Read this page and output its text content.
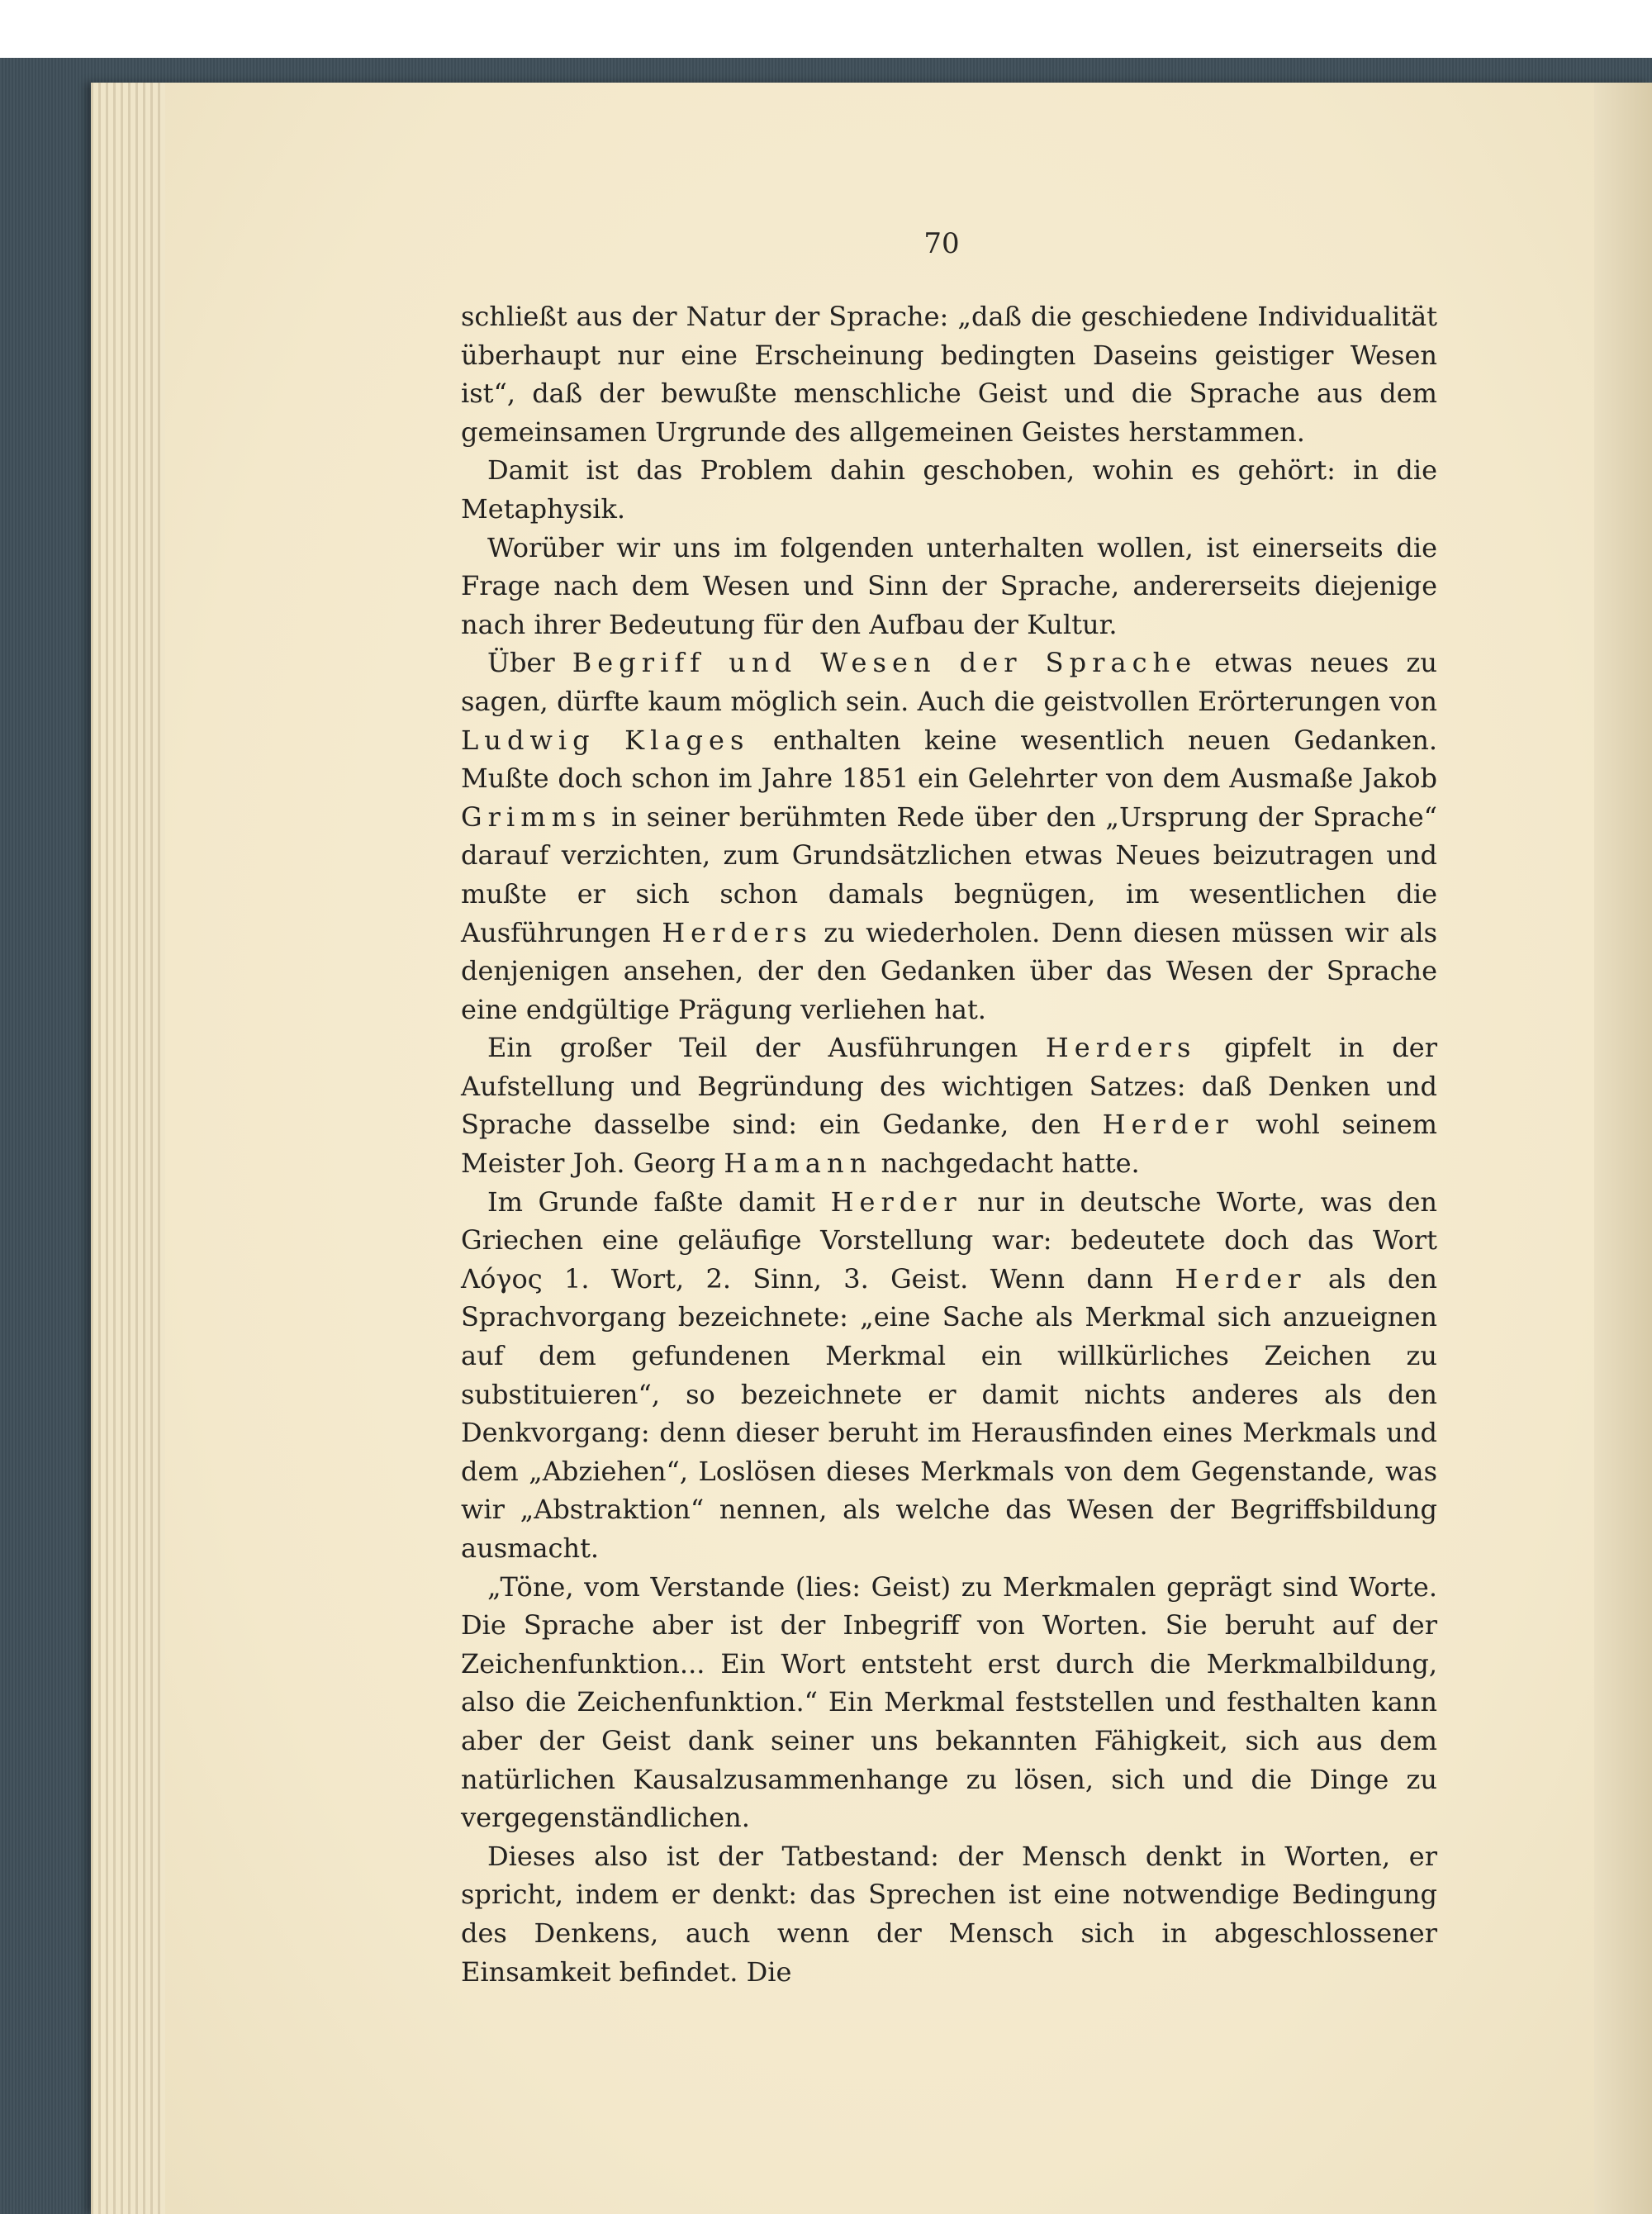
70

schließt aus der Natur der Sprache: „daß die geschiedene Individualität überhaupt nur eine Erscheinung bedingten Daseins geistiger Wesen ist“, daß der bewußte menschliche Geist und die Sprache aus dem gemeinsamen Urgrunde des allgemeinen Geistes herstammen.

Damit ist das Problem dahin geschoben, wohin es gehört: in die Metaphysik.

Worüber wir uns im folgenden unterhalten wollen, ist einerseits die Frage nach dem Wesen und Sinn der Sprache, andererseits diejenige nach ihrer Bedeutung für den Aufbau der Kultur.

Über Begriff und Wesen der Sprache etwas neues zu sagen, dürfte kaum möglich sein. Auch die geistvollen Erörterungen von Ludwig Klages enthalten keine wesentlich neuen Gedanken. Mußte doch schon im Jahre 1851 ein Gelehrter von dem Ausmaße Jakob Grimms in seiner berühmten Rede über den „Ursprung der Sprache“ darauf verzichten, zum Grundsätzlichen etwas Neues beizutragen und mußte er sich schon damals begnügen, im wesentlichen die Ausführungen Herders zu wiederholen. Denn diesen müssen wir als denjenigen ansehen, der den Gedanken über das Wesen der Sprache eine endgültige Prägung verliehen hat.

Ein großer Teil der Ausführungen Herders gipfelt in der Aufstellung und Begründung des wichtigen Satzes: daß Denken und Sprache dasselbe sind: ein Gedanke, den Herder wohl seinem Meister Joh. Georg Hamann nachgedacht hatte.

Im Grunde faßte damit Herder nur in deutsche Worte, was den Griechen eine geläufige Vorstellung war: bedeutete doch das Wort Λόγος 1. Wort, 2. Sinn, 3. Geist. Wenn dann Herder als den Sprachvorgang bezeichnete: „eine Sache als Merkmal sich anzueignen auf dem gefundenen Merkmal ein willkürliches Zeichen zu substituieren“, so bezeichnete er damit nichts anderes als den Denkvorgang: denn dieser beruht im Herausfinden eines Merkmals und dem „Abziehen“, Loslösen dieses Merkmals von dem Gegenstande, was wir „Abstraktion“ nennen, als welche das Wesen der Begriffsbildung ausmacht.

„Töne, vom Verstande (lies: Geist) zu Merkmalen geprägt sind Worte. Die Sprache aber ist der Inbegriff von Worten. Sie beruht auf der Zeichenfunktion... Ein Wort entsteht erst durch die Merkmalbildung, also die Zeichenfunktion.“ Ein Merkmal feststellen und festhalten kann aber der Geist dank seiner uns bekannten Fähigkeit, sich aus dem natürlichen Kausalzusammenhange zu lösen, sich und die Dinge zu vergegenständlichen.

Dieses also ist der Tatbestand: der Mensch denkt in Worten, er spricht, indem er denkt: das Sprechen ist eine notwendige Bedingung des Denkens, auch wenn der Mensch sich in abgeschlossener Einsamkeit befindet. Die
